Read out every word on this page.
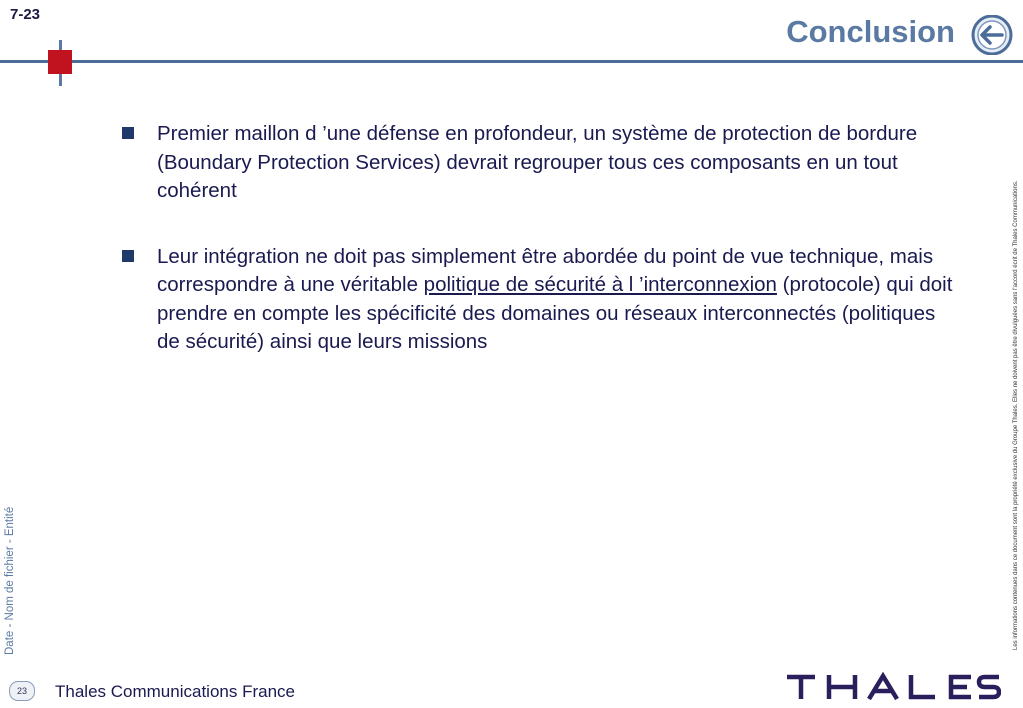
7-23	Conclusion
Premier maillon d ’une défense en profondeur, un système de protection de bordure (Boundary Protection Services) devrait regrouper tous ces composants en un tout cohérent
Leur intégration ne doit pas simplement être abordée du point de vue technique, mais correspondre à une véritable politique de sécurité à l ’interconnexion (protocole) qui doit prendre en compte les spécificité des domaines ou réseaux interconnectés (politiques de sécurité) ainsi que leurs missions
Date - Nom de fichier - Entité	Les informations contenues dans ce document sont la propriété exclusive du Groupe Thales. Elles ne doivent pas être divulguées sans l'accord écrit de Thales Communications.
23	Thales Communications France
